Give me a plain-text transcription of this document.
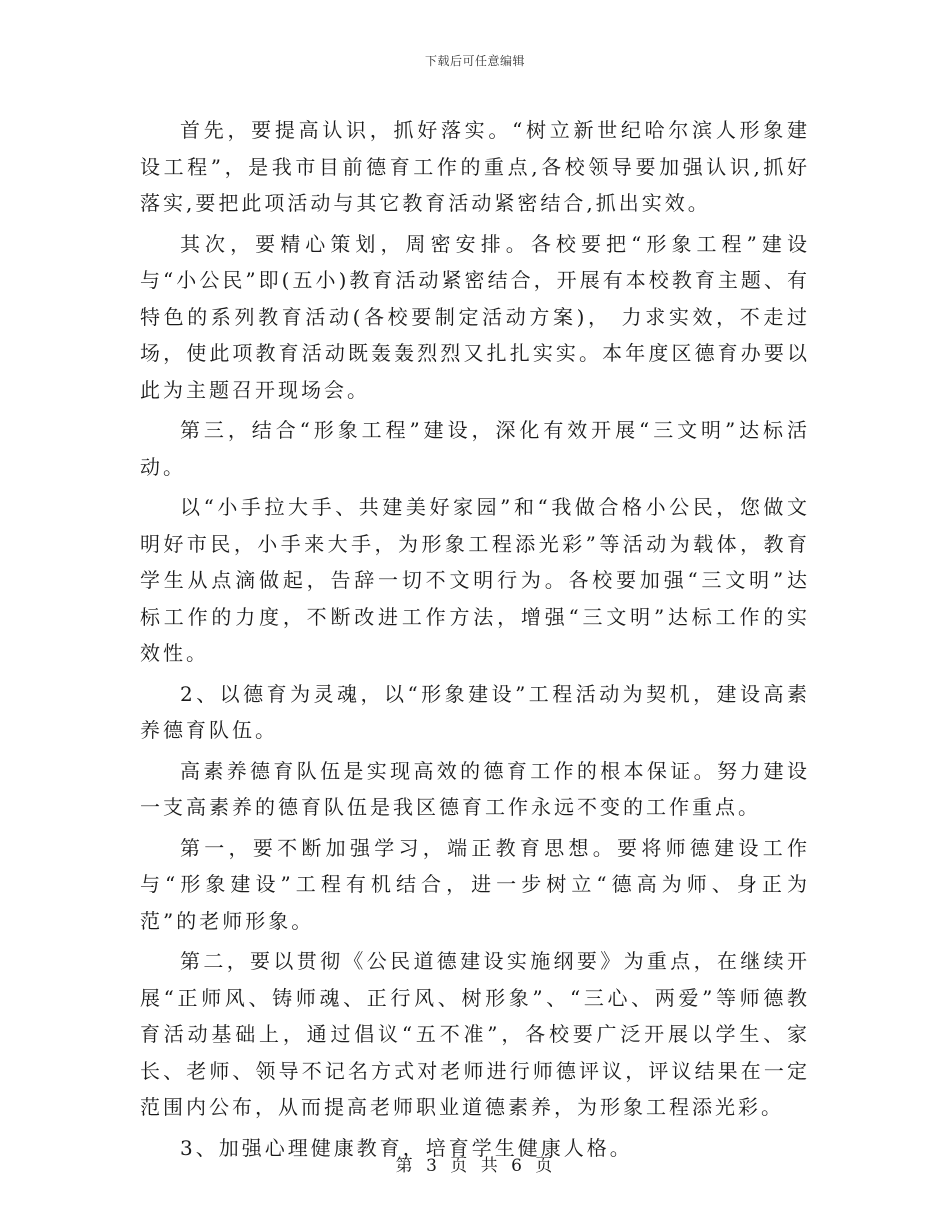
下载后可任意编辑

首先，要提高认识，抓好落实。“树立新世纪哈尔滨人形象建设工程”，是我市目前德育工作的重点,各校领导要加强认识,抓好落实,要把此项活动与其它教育活动紧密结合,抓出实效。

其次，要精心策划，周密安排。各校要把“形象工程”建设与“小公民”即(五小)教育活动紧密结合，开展有本校教育主题、有特色的系列教育活动(各校要制定活动方案)， 力求实效，不走过场，使此项教育活动既轰轰烈烈又扎扎实实。本年度区德育办要以此为主题召开现场会。

第三，结合“形象工程”建设，深化有效开展“三文明”达标活动。

以“小手拉大手、共建美好家园”和“我做合格小公民，您做文明好市民，小手来大手，为形象工程添光彩”等活动为载体，教育学生从点滴做起，告辞一切不文明行为。各校要加强“三文明”达标工作的力度，不断改进工作方法，增强“三文明”达标工作的实效性。

2、以德育为灵魂，以“形象建设”工程活动为契机，建设高素养德育队伍。

高素养德育队伍是实现高效的德育工作的根本保证。努力建设一支高素养的德育队伍是我区德育工作永远不变的工作重点。

第一，要不断加强学习，端正教育思想。要将师德建设工作与“形象建设”工程有机结合，进一步树立“德高为师、身正为范”的老师形象。

第二，要以贯彻《公民道德建设实施纲要》为重点，在继续开展“正师风、铸师魂、正行风、树形象”、“三心、两爱”等师德教育活动基础上，通过倡议“五不准”，各校要广泛开展以学生、家长、老师、领导不记名方式对老师进行师德评议，评议结果在一定范围内公布，从而提高老师职业道德素养，为形象工程添光彩。

3、加强心理健康教育，培育学生健康人格。

第 3 页 共 6 页
